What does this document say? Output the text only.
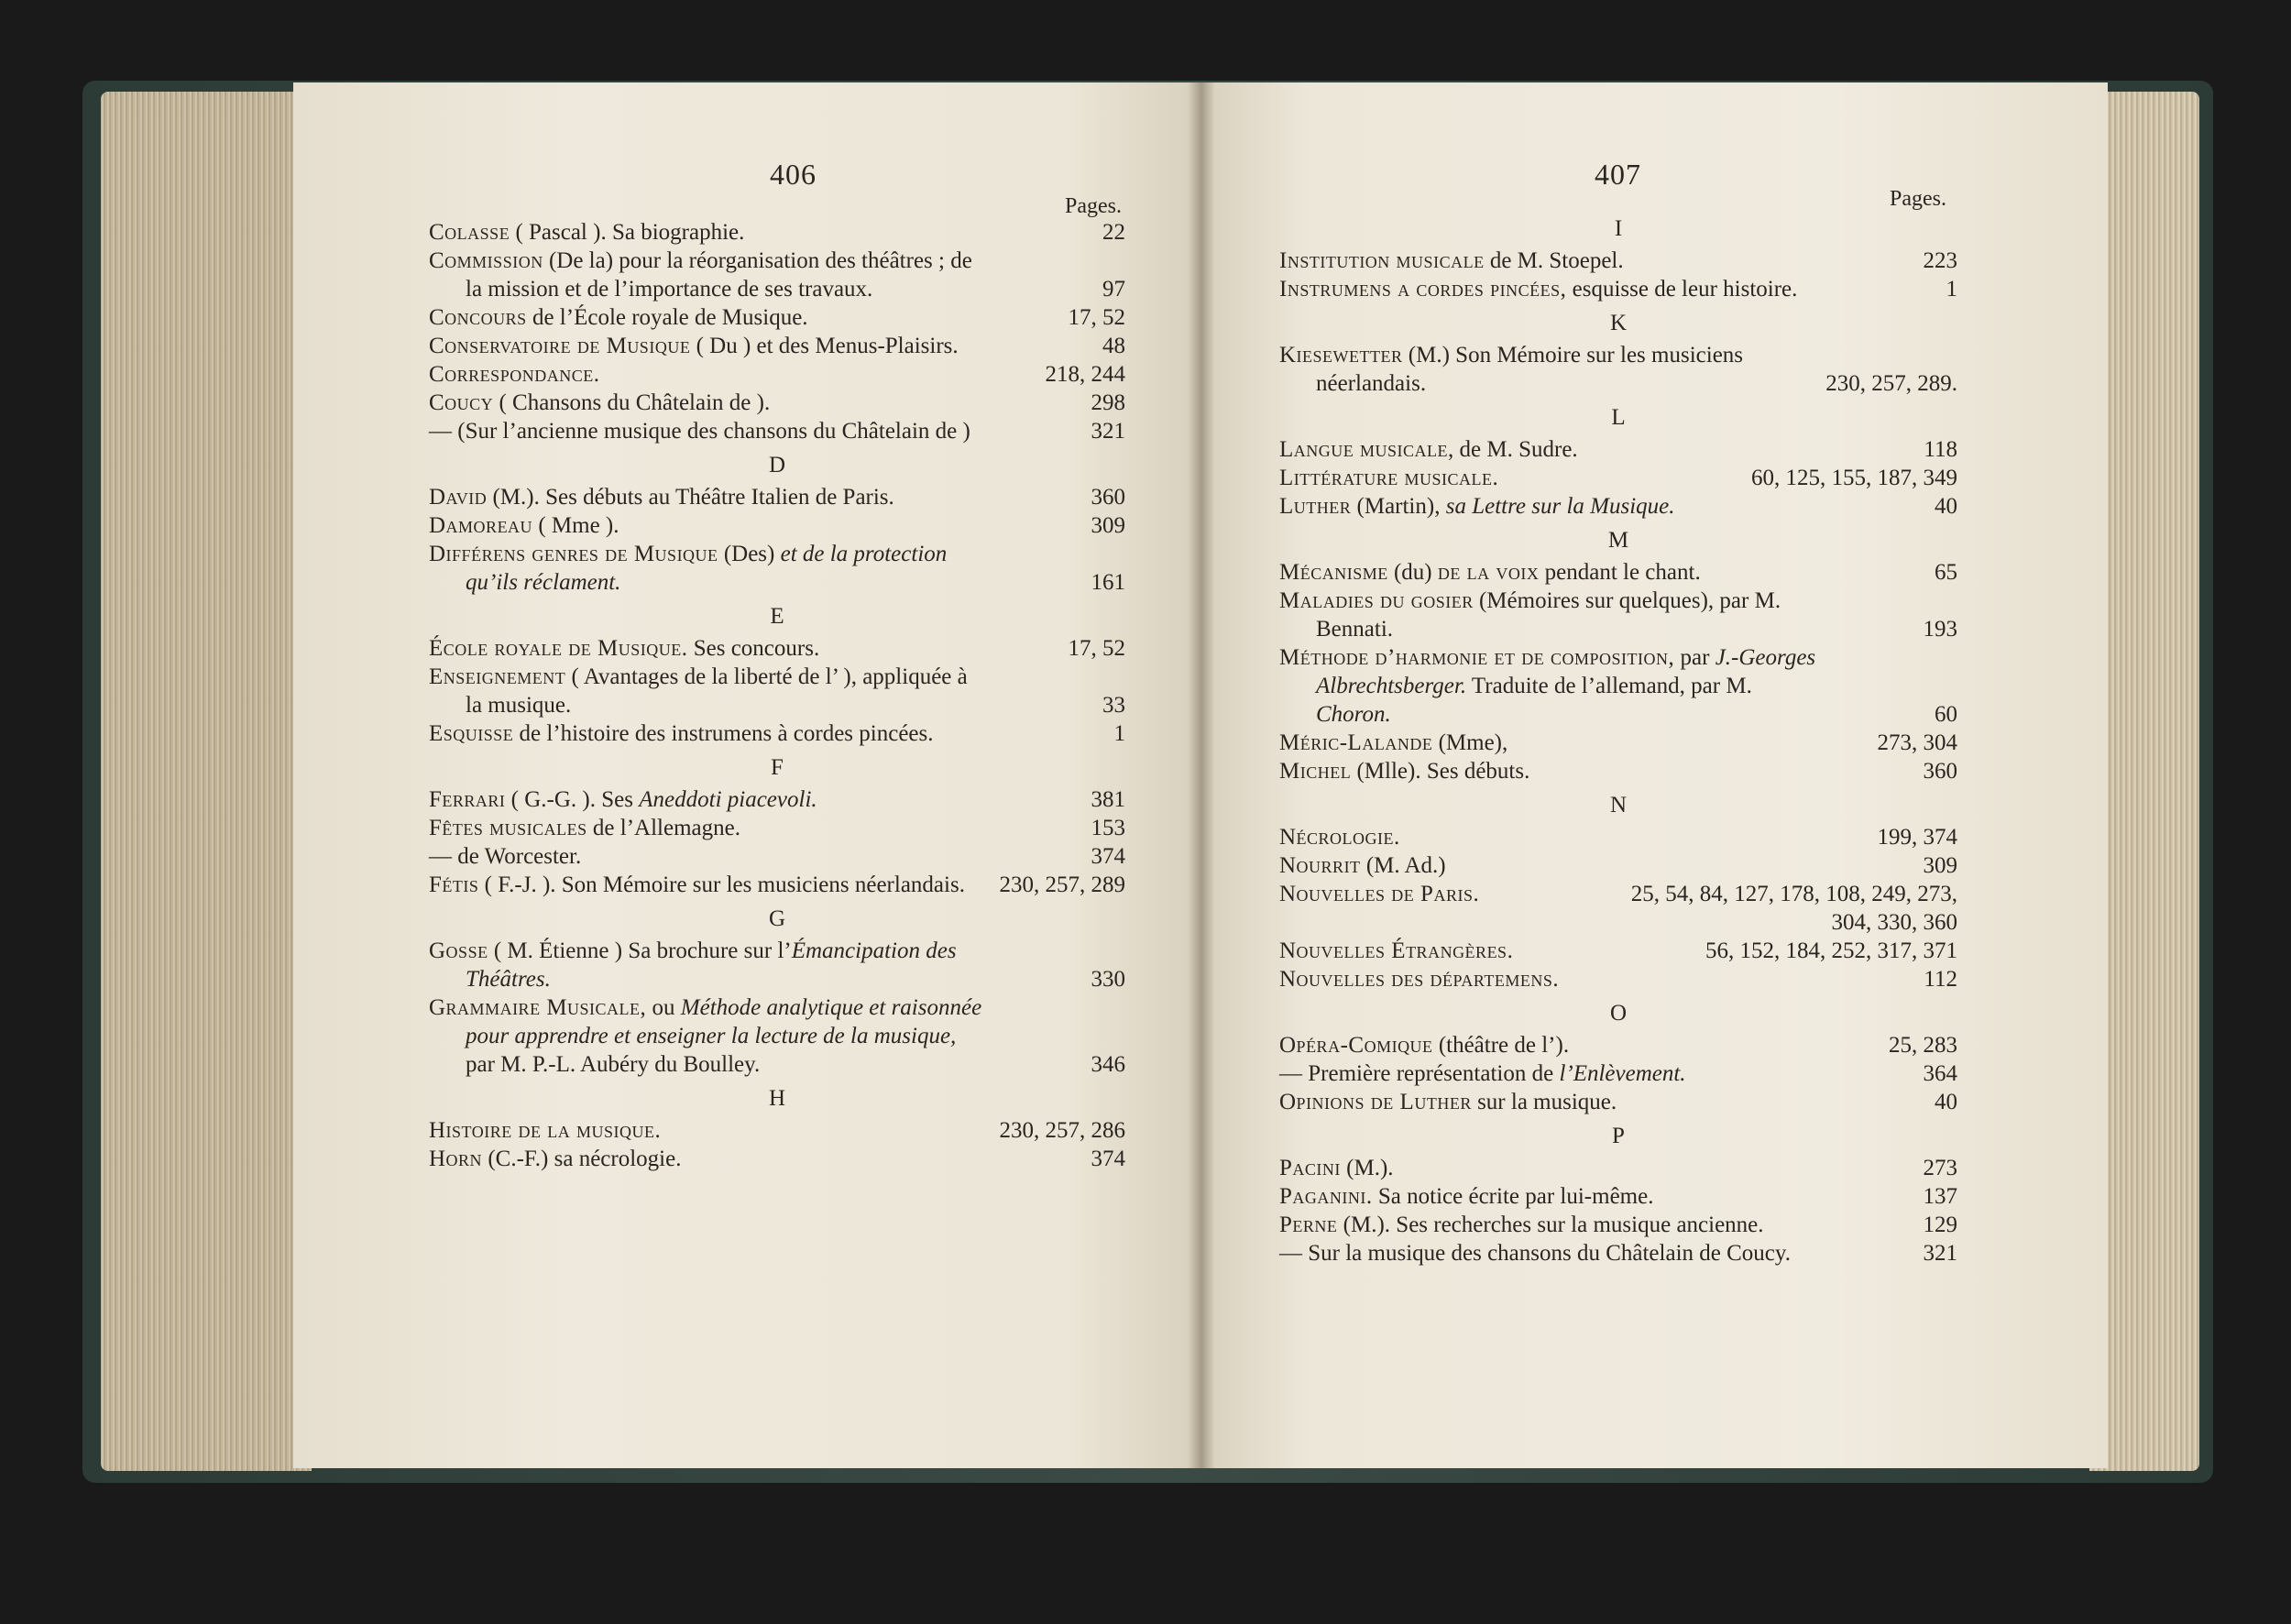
406
Pages.
Colasse ( Pascal ). Sa biographie.	22
Commission (De la) pour la réorganisation des théâtres ; de la mission et de l’importance de ses travaux.	97
Concours de l’École royale de Musique.	17, 52
Conservatoire de Musique ( Du ) et des Menus-Plaisirs.	48
Correspondance.	218, 244
Coucy ( Chansons du Châtelain de ).	298
— (Sur l’ancienne musique des chansons du Châtelain de )	321
D
David (M.). Ses débuts au Théâtre Italien de Paris.	360
Damoreau ( Mme ).	309
Différens genres de Musique (Des) et de la protection qu’ils réclament.	161
E
École royale de Musique. Ses concours.	17, 52
Enseignement ( Avantages de la liberté de l’ ), appliquée à la musique.	33
Esquisse de l’histoire des instrumens à cordes pincées.	1
F
Ferrari ( G.-G. ). Ses Aneddoti piacevoli.	381
Fêtes musicales de l’Allemagne.	153
— de Worcester.	374
Fétis ( F.-J. ). Son Mémoire sur les musiciens néerlandais.	230, 257, 289
G
Gosse ( M. Étienne ) Sa brochure sur l’Émancipation des Théâtres.	330
Grammaire Musicale, ou Méthode analytique et raisonnée pour apprendre et enseigner la lecture de la musique, par M. P.-L. Aubéry du Boulley.	346
H
Histoire de la musique.	230, 257, 286
Horn (C.-F.) sa nécrologie.	374
407
Pages.
I
Institution musicale de M. Stoepel.	223
Instrumens a cordes pincées, esquisse de leur histoire.	1
K
Kiesewetter (M.) Son Mémoire sur les musiciens néerlandais.	230, 257, 289.
L
Langue musicale, de M. Sudre.	118
Littérature musicale.	60, 125, 155, 187, 349
Luther (Martin), sa Lettre sur la Musique.	40
M
Mécanisme (du) de la voix pendant le chant.	65
Maladies du gosier (Mémoires sur quelques), par M. Bennati.	193
Méthode d’harmonie et de composition, par J.-Georges Albrechtsberger. Traduite de l’allemand, par M. Choron.	60
Méric-Lalande (Mme),	273, 304
Michel (Mlle). Ses débuts.	360
N
Nécrologie.	199, 374
Nourrit (M. Ad.)	309
Nouvelles de Paris.	25, 54, 84, 127, 178, 108, 249, 273,
304, 330, 360
Nouvelles Étrangères.	56, 152, 184, 252, 317, 371
Nouvelles des départemens.	112
O
Opéra-Comique (théâtre de l’).	25, 283
— Première représentation de l’Enlèvement.	364
Opinions de Luther sur la musique.	40
P
Pacini (M.).	273
Paganini. Sa notice écrite par lui-même.	137
Perne (M.). Ses recherches sur la musique ancienne.	129
— Sur la musique des chansons du Châtelain de Coucy.	321
